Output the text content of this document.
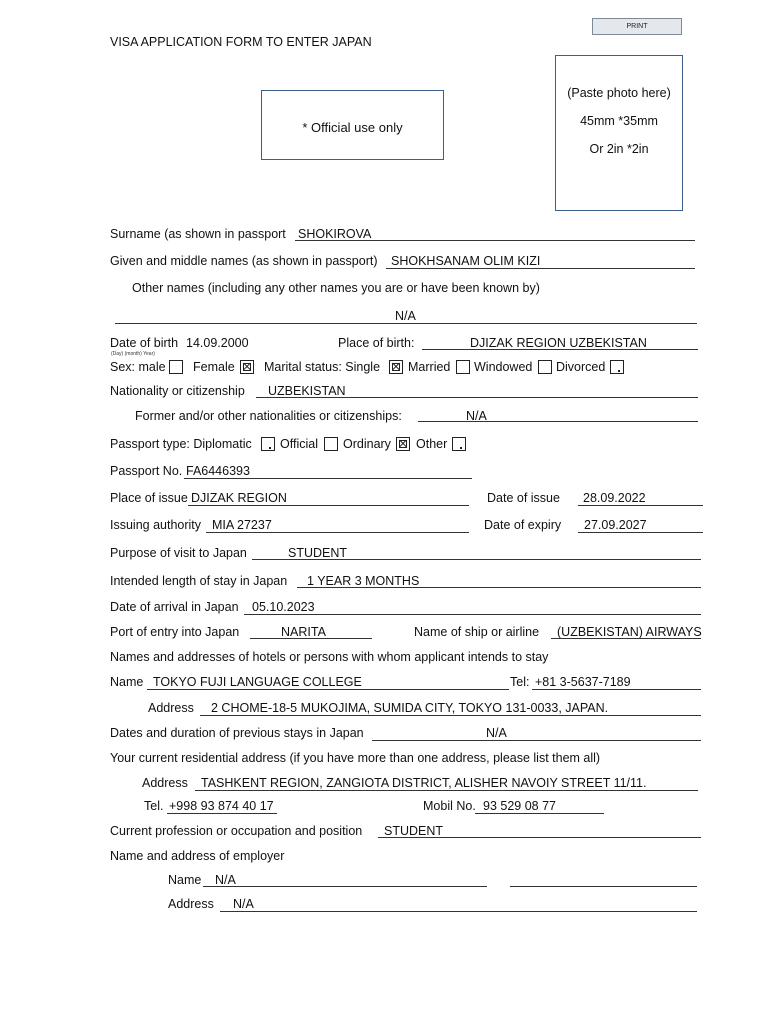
PRINT
VISA APPLICATION FORM TO ENTER JAPAN
* Official use only
(Paste photo here)
45mm *35mm
Or 2in *2in
Surname (as shown in passport SHOKIROVA
Given and middle names (as shown in passport) SHOKHSANAM OLIM KIZI
Other names (including any other names you are or have been known by)
N/A
Date of birth 14.09.2000
(Day) (month) Year)
Place of birth:	DJIZAK REGION UZBEKISTAN
Sex: male Female Marital status: Single Married Windowed Divorced
Nationality or citizenship UZBEKISTAN
Former and/or other nationalities or citizenships:	N/A
Passport type: Diplomatic Official Ordinary Other
Passport No. FA6446393
Place of issue DJIZAK REGION	Date of issue 28.09.2022
Issuing authority MIA 27237	Date of expiry 27.09.2027
Purpose of visit to Japan	STUDENT
Intended length of stay in Japan 1 YEAR 3 MONTHS
Date of arrival in Japan 05.10.2023
Port of entry into Japan	NARITA	Name of ship or airline (UZBEKISTAN) AIRWAYS
Names and addresses of hotels or persons with whom applicant intends to stay
Name TOKYO FUJI LANGUAGE COLLEGE	Tel: +81 3-5637-7189
Address 2 CHOME-18-5 MUKOJIMA, SUMIDA CITY, TOKYO 131-0033, JAPAN.
Dates and duration of previous stays in Japan	N/A
Your current residential address (if you have more than one address, please list them all)
Address TASHKENT REGION, ZANGIOTA DISTRICT, ALISHER NAVOIY STREET 11/11.
Tel. +998 93 874 40 17	Mobil No. 93 529 08 77
Current profession or occupation and position STUDENT
Name and address of employer
Name N/A
Address N/A
